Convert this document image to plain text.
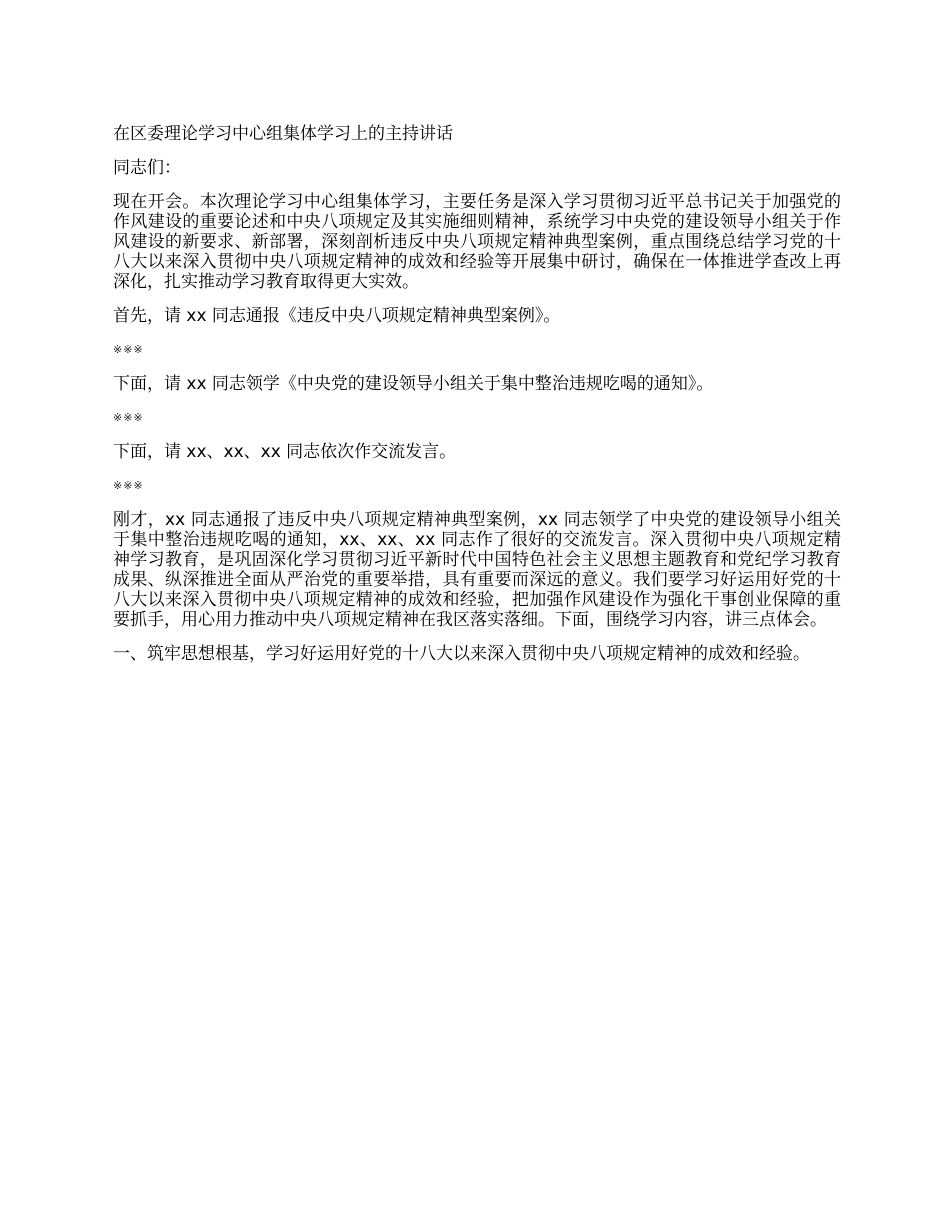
在区委理论学习中心组集体学习上的主持讲话

同志们：

现在开会。本次理论学习中心组集体学习，主要任务是深入学习贯彻习近平总书记关于加强党的作风建设的重要论述和中央八项规定及其实施细则精神，系统学习中央党的建设领导小组关于作风建设的新要求、新部署，深刻剖析违反中央八项规定精神典型案例，重点围绕总结学习党的十八大以来深入贯彻中央八项规定精神的成效和经验等开展集中研讨，确保在一体推进学查改上再深化，扎实推动学习教育取得更大实效。

首先，请 xx 同志通报《违反中央八项规定精神典型案例》。

※※※

下面，请 xx 同志领学《中央党的建设领导小组关于集中整治违规吃喝的通知》。

※※※

下面，请 xx、xx、xx 同志依次作交流发言。

※※※

刚才，xx 同志通报了违反中央八项规定精神典型案例，xx 同志领学了中央党的建设领导小组关于集中整治违规吃喝的通知，xx、xx、xx 同志作了很好的交流发言。深入贯彻中央八项规定精神学习教育，是巩固深化学习贯彻习近平新时代中国特色社会主义思想主题教育和党纪学习教育成果、纵深推进全面从严治党的重要举措，具有重要而深远的意义。我们要学习好运用好党的十八大以来深入贯彻中央八项规定精神的成效和经验，把加强作风建设作为强化干事创业保障的重要抓手，用心用力推动中央八项规定精神在我区落实落细。下面，围绕学习内容，讲三点体会。

一、筑牢思想根基，学习好运用好党的十八大以来深入贯彻中央八项规定精神的成效和经验。
